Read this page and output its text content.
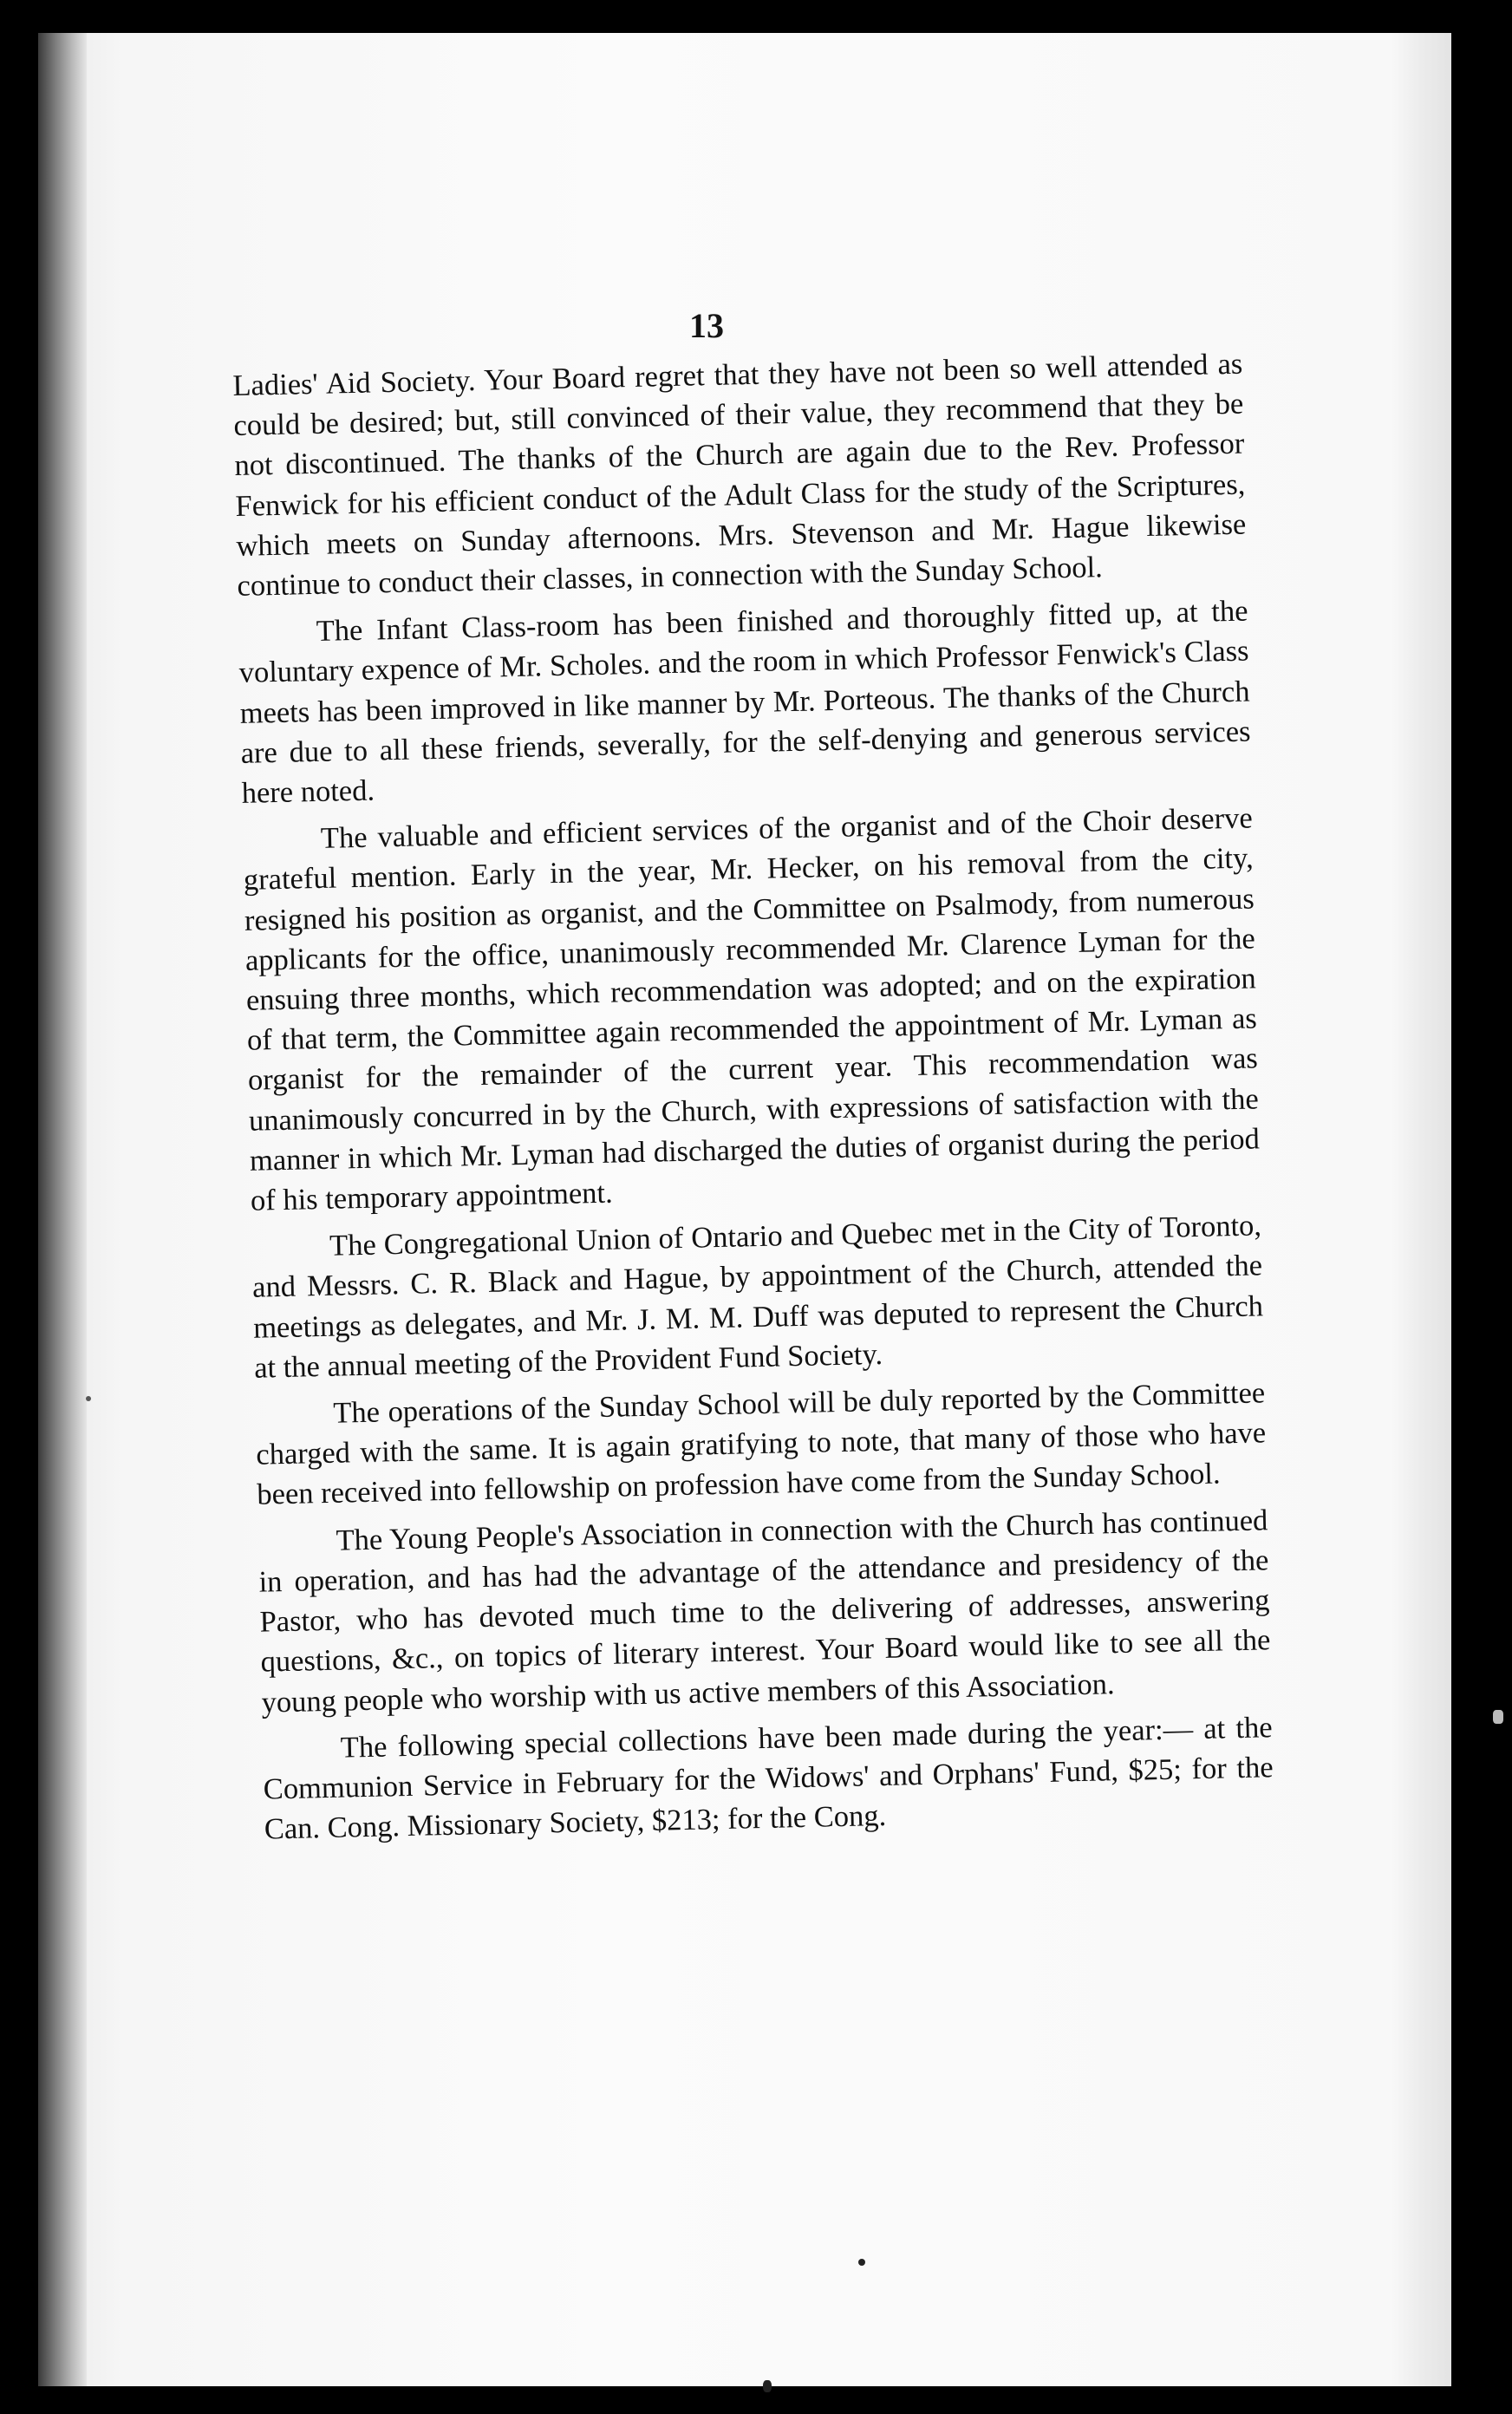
13

Ladies' Aid Society. Your Board regret that they have not been so well attended as could be desired; but, still convinced of their value, they recommend that they be not discontinued. The thanks of the Church are again due to the Rev. Professor Fenwick for his efficient conduct of the Adult Class for the study of the Scriptures, which meets on Sunday afternoons. Mrs. Stevenson and Mr. Hague likewise continue to conduct their classes, in connection with the Sunday School.

The Infant Class-room has been finished and thoroughly fitted up, at the voluntary expence of Mr. Scholes. and the room in which Professor Fenwick's Class meets has been improved in like manner by Mr. Porteous. The thanks of the Church are due to all these friends, severally, for the self-denying and generous services here noted.

The valuable and efficient services of the organist and of the Choir deserve grateful mention. Early in the year, Mr. Hecker, on his removal from the city, resigned his position as organist, and the Committee on Psalmody, from numerous applicants for the office, unanimously recommended Mr. Clarence Lyman for the ensuing three months, which recommendation was adopted; and on the expiration of that term, the Committee again recommended the appointment of Mr. Lyman as organist for the remainder of the current year. This recommendation was unanimously concurred in by the Church, with expressions of satisfaction with the manner in which Mr. Lyman had discharged the duties of organist during the period of his temporary appointment.

The Congregational Union of Ontario and Quebec met in the City of Toronto, and Messrs. C. R. Black and Hague, by appointment of the Church, attended the meetings as delegates, and Mr. J. M. M. Duff was deputed to represent the Church at the annual meeting of the Provident Fund Society.

The operations of the Sunday School will be duly reported by the Committee charged with the same. It is again gratifying to note, that many of those who have been received into fellowship on profession have come from the Sunday School.

The Young People's Association in connection with the Church has continued in operation, and has had the advantage of the attendance and presidency of the Pastor, who has devoted much time to the delivering of addresses, answering questions, &c., on topics of literary interest. Your Board would like to see all the young people who worship with us active members of this Association.

The following special collections have been made during the year:— at the Communion Service in February for the Widows' and Orphans' Fund, $25; for the Can. Cong. Missionary Society, $213; for the Cong.
